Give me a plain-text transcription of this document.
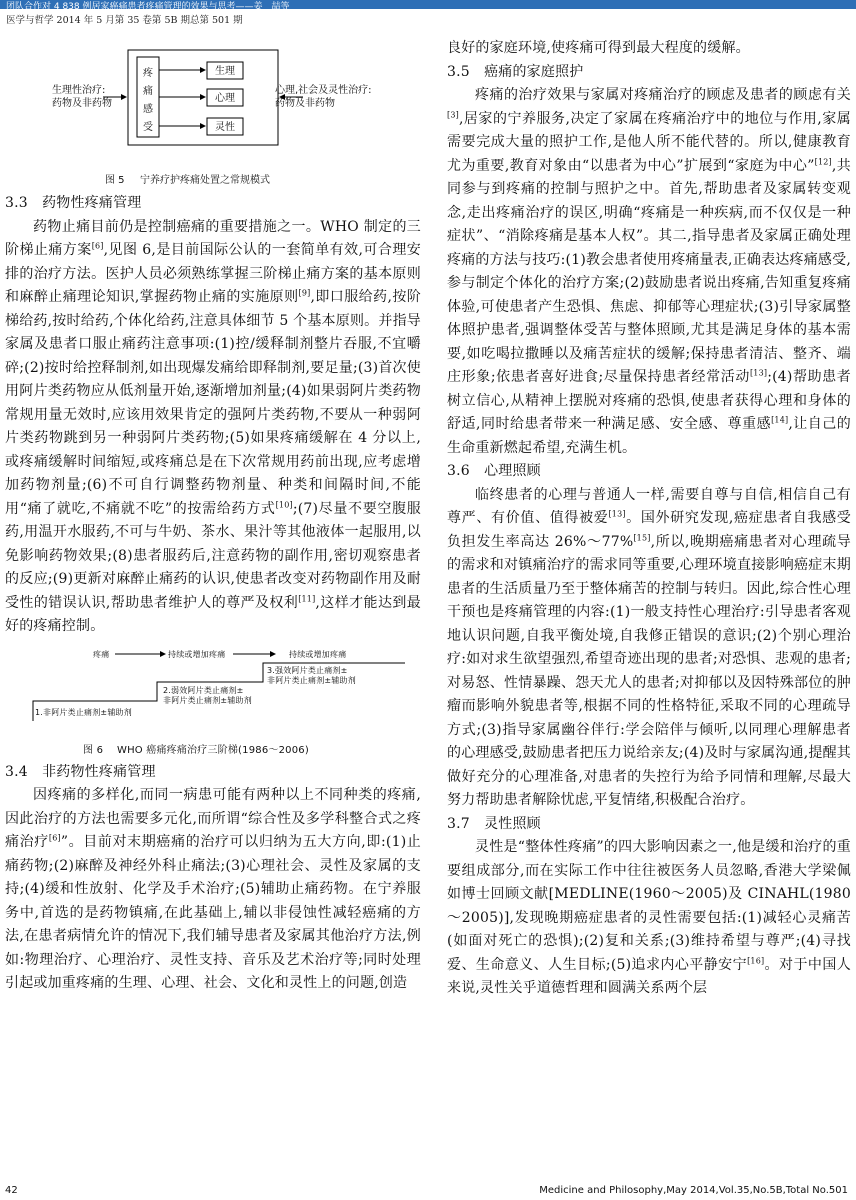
团队合作对 4 838 例居家癌痛患者疼痛管理的效果与思考——姜　喆等
医学与哲学 2014 年 5 月第 35 卷第 5B 期总第 501 期
疼
痛
感
受
生理
心理
灵性
生理性治疗:
药物及非药物
心理,社会及灵性治疗:
药物及非药物
图 5 宁养疗护疼痛处置之常规模式

3.3　药物性疼痛管理

药物止痛目前仍是控制癌痛的重要措施之一。WHO 制定的三阶梯止痛方案[6],见图 6,是目前国际公认的一套简单有效,可合理安排的治疗方法。医护人员必须熟练掌握三阶梯止痛方案的基本原则和麻醉止痛理论知识,掌握药物止痛的实施原则[9],即口服给药,按阶梯给药,按时给药,个体化给药,注意具体细节 5 个基本原则。并指导家属及患者口服止痛药注意事项:(1)控/缓释制剂整片吞服,不宜嚼碎;(2)按时给控释制剂,如出现爆发痛给即释制剂,要足量;(3)首次使用阿片类药物应从低剂量开始,逐渐增加剂量;(4)如果弱阿片类药物常规用量无效时,应该用效果肯定的强阿片类药物,不要从一种弱阿片类药物跳到另一种弱阿片类药物;(5)如果疼痛缓解在 4 分以上,或疼痛缓解时间缩短,或疼痛总是在下次常规用药前出现,应考虑增加药物剂量;(6)不可自行调整药物剂量、种类和间隔时间,不能用“痛了就吃,不痛就不吃”的按需给药方式[10];(7)尽量不要空腹服药,用温开水服药,不可与牛奶、茶水、果汁等其他液体一起服用,以免影响药物效果;(8)患者服药后,注意药物的副作用,密切观察患者的反应;(9)更新对麻醉止痛药的认识,使患者改变对药物副作用及耐受性的错误认识,帮助患者维护人的尊严及权利[11],这样才能达到最好的疼痛控制。

疼痛	持续或增加疼痛	持续或增加疼痛
3.强效阿片类止痛剂±
非阿片类止痛剂±辅助剂
2.弱效阿片类止痛剂±
非阿片类止痛剂±辅助剂
1.非阿片类止痛剂±辅助剂
图 6 WHO 癌痛疼痛治疗三阶梯(1986～2006)

3.4　非药物性疼痛管理

因疼痛的多样化,而同一病患可能有两种以上不同种类的疼痛,因此治疗的方法也需要多元化,而所谓“综合性及多学科整合式之疼痛治疗[6]”。目前对末期癌痛的治疗可以归纳为五大方向,即:(1)止痛药物;(2)麻醉及神经外科止痛法;(3)心理社会、灵性及家属的支持;(4)缓和性放射、化学及手术治疗;(5)辅助止痛药物。在宁养服务中,首选的是药物镇痛,在此基础上,辅以非侵蚀性减轻癌痛的方法,在患者病情允许的情况下,我们辅导患者及家属其他治疗方法,例如:物理治疗、心理治疗、灵性支持、音乐及艺术治疗等;同时处理引起或加重疼痛的生理、心理、社会、文化和灵性上的问题,创造

良好的家庭环境,使疼痛可得到最大程度的缓解。

3.5　癌痛的家庭照护

疼痛的治疗效果与家属对疼痛治疗的顾虑及患者的顾虑有关[3],居家的宁养服务,决定了家属在疼痛治疗中的地位与作用,家属需要完成大量的照护工作,是他人所不能代替的。所以,健康教育尤为重要,教育对象由“以患者为中心”扩展到“家庭为中心”[12],共同参与到疼痛的控制与照护之中。首先,帮助患者及家属转变观念,走出疼痛治疗的误区,明确“疼痛是一种疾病,而不仅仅是一种症状”、“消除疼痛是基本人权”。其二,指导患者及家属正确处理疼痛的方法与技巧:(1)教会患者使用疼痛量表,正确表达疼痛感受,参与制定个体化的治疗方案;(2)鼓励患者说出疼痛,告知重复疼痛体验,可使患者产生恐惧、焦虑、抑郁等心理症状;(3)引导家属整体照护患者,强调整体受苦与整体照顾,尤其是满足身体的基本需要,如吃喝拉撒睡以及痛苦症状的缓解;保持患者清洁、整齐、端庄形象;依患者喜好进食;尽量保持患者经常活动[13];(4)帮助患者树立信心,从精神上摆脱对疼痛的恐惧,使患者获得心理和身体的舒适,同时给患者带来一种满足感、安全感、尊重感[14],让自己的生命重新燃起希望,充满生机。

3.6　心理照顾

临终患者的心理与普通人一样,需要自尊与自信,相信自己有尊严、有价值、值得被爱[13]。国外研究发现,癌症患者自我感受负担发生率高达 26%～77%[15],所以,晚期癌痛患者对心理疏导的需求和对镇痛治疗的需求同等重要,心理环境直接影响癌症末期患者的生活质量乃至于整体痛苦的控制与转归。因此,综合性心理干预也是疼痛管理的内容:(1)一般支持性心理治疗:引导患者客观地认识问题,自我平衡处境,自我修正错误的意识;(2)个别心理治疗:如对求生欲望强烈,希望奇迹出现的患者;对恐惧、悲观的患者;对易怒、性情暴躁、怨天尤人的患者;对抑郁以及因特殊部位的肿瘤而影响外貌患者等,根据不同的性格特征,采取不同的心理疏导方式;(3)指导家属幽谷伴行:学会陪伴与倾听,以同理心理解患者的心理感受,鼓励患者把压力说给亲友;(4)及时与家属沟通,提醒其做好充分的心理准备,对患者的失控行为给予同情和理解,尽最大努力帮助患者解除忧虑,平复情绪,积极配合治疗。

3.7　灵性照顾

灵性是“整体性疼痛”的四大影响因素之一,他是缓和治疗的重要组成部分,而在实际工作中往往被医务人员忽略,香港大学梁佩如博士回顾文献[MEDLINE(1960～2005)及 CINAHL(1980～2005)],发现晚期癌症患者的灵性需要包括:(1)减轻心灵痛苦(如面对死亡的恐惧);(2)复和关系;(3)维持希望与尊严;(4)寻找爱、生命意义、人生目标;(5)追求内心平静安宁[16]。对于中国人来说,灵性关乎道德哲理和圆满关系两个层

42	Medicine and Philosophy,May 2014,Vol.35,No.5B,Total No.501
